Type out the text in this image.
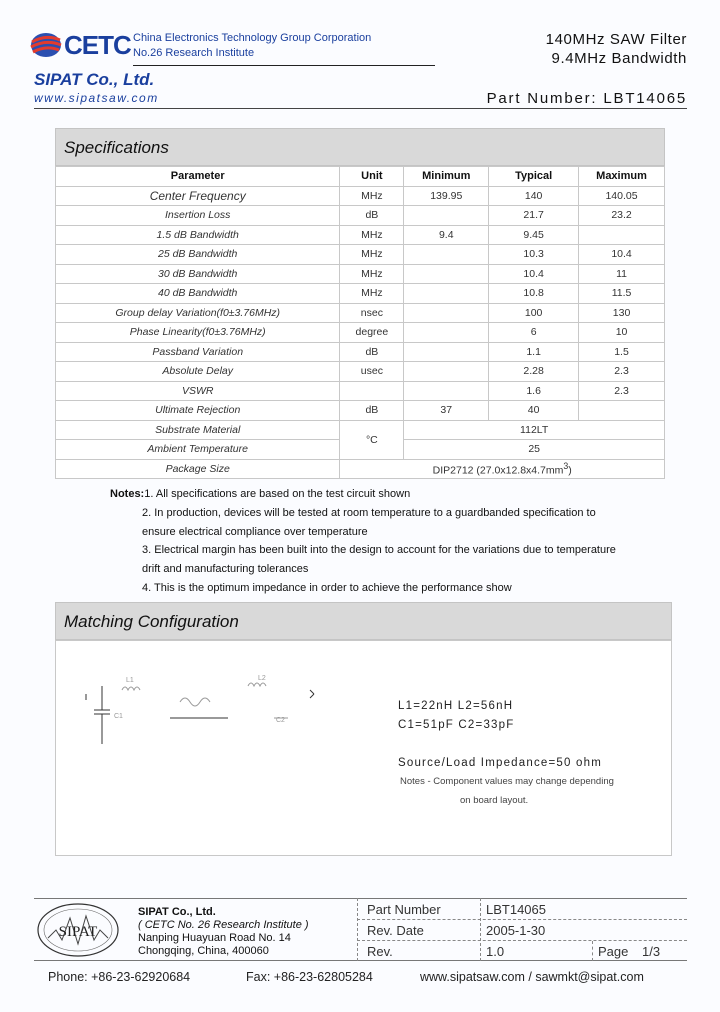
CETC China Electronics Technology Group Corporation
No.26 Research Institute
SIPAT Co., Ltd.
www.sipatsaw.com
140MHz SAW Filter
9.4MHz Bandwidth
Part Number: LBT14065
Specifications
Parameter	Unit	Minimum	Typical	Maximum
Center Frequency	MHz	139.95	140	140.05
Insertion Loss	dB		21.7	23.2
1.5 dB Bandwidth	MHz	9.4	9.45	
25 dB Bandwidth	MHz		10.3	10.4
30 dB Bandwidth	MHz		10.4	11
40 dB Bandwidth	MHz		10.8	11.5
Group delay Variation(f0±3.76MHz)	nsec		100	130
Phase Linearity(f0±3.76MHz)	degree		6	10
Passband Variation	dB		1.1	1.5
Absolute Delay	usec		2.28	2.3
VSWR			1.6	2.3
Ultimate Rejection	dB	37	40	
Substrate Material	°C	112LT		
Ambient Temperature		25		
Package Size	DIP2712 $(27.0x12.8x4.7mm^3)$			
Notes:1. All specifications are based on the test circuit shown
2. In production, devices will be tested at room temperature to a guardbanded specification to
ensure electrical compliance over temperature
3. Electrical margin has been built into the design to account for the variations due to temperature
drift and manufacturing tolerances
4. This is the optimum impedance in order to achieve the performance show
Matching Configuration
L1
C1
L2
C2
L1=22nH L2=56nH
C1=51pF C2=33pF
Source/Load Impedance=50 ohm
Notes - Component values may change depending
on board layout.
SIPAT
SIPAT Co., Ltd.
( CETC No. 26 Research Institute )
Nanping Huayuan Road No. 14
Chongqing, China, 400060
Part Number	LBT14065
Rev. Date	2005-1-30
Rev.	1.0	Page 1/3
Phone: +86-23-62920684	Fax: +86-23-62805284	www.sipatsaw.com / sawmkt@sipat.com
